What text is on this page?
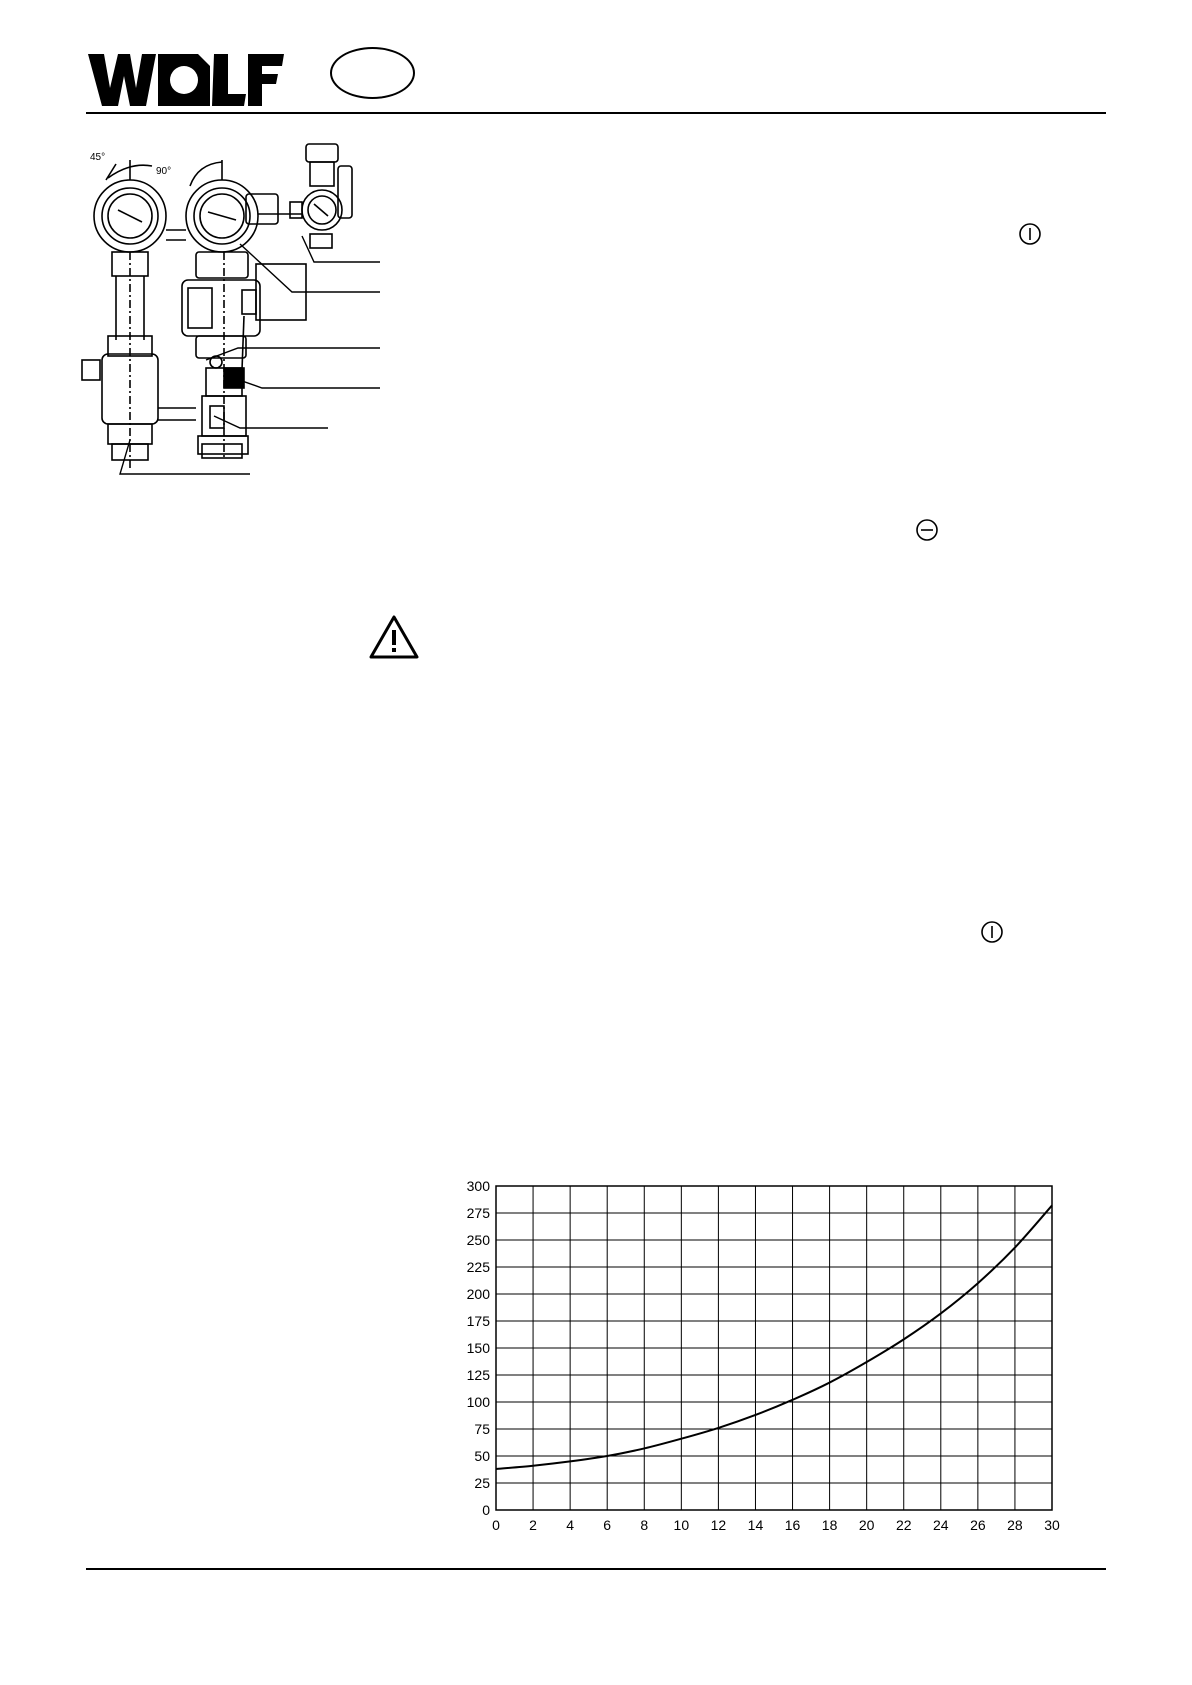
45°
90°
0 2 4 6 8 10 12 14 16 18 20 22 24 26 28 30
0
25
50
75
100
125
150
175
200
225
250
275
300
